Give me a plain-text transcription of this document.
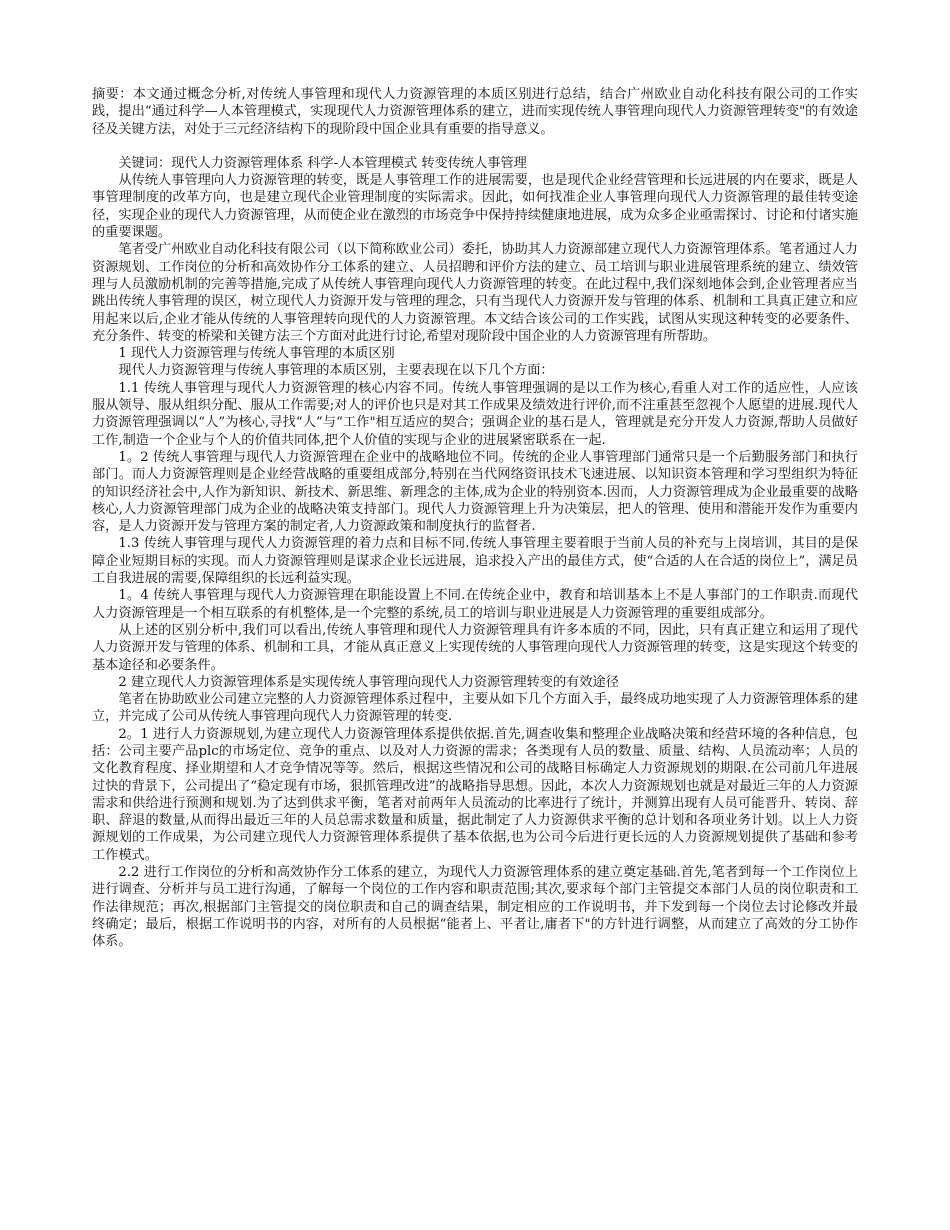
摘要：本文通过概念分析,对传统人事管理和现代人力资源管理的本质区别进行总结，结合广州欧业自动化科技有限公司的工作实践，提出“通过科学—人本管理模式，实现现代人力资源管理体系的建立，进而实现传统人事管理向现代人力资源管理转变"的有效途径及关键方法，对处于三元经济结构下的现阶段中国企业具有重要的指导意义。

关键词：现代人力资源管理体系 科学-人本管理模式 转变传统人事管理

从传统人事管理向人力资源管理的转变，既是人事管理工作的进展需要，也是现代企业经营管理和长远进展的内在要求，既是人事管理制度的改革方向，也是建立现代企业管理制度的实际需求。因此，如何找准企业人事管理向现代人力资源管理的最佳转变途径，实现企业的现代人力资源管理，从而使企业在激烈的市场竞争中保持持续健康地进展，成为众多企业亟需探讨、讨论和付诸实施的重要课题。

笔者受广州欧业自动化科技有限公司（以下简称欧业公司）委托，协助其人力资源部建立现代人力资源管理体系。笔者通过人力资源规划、工作岗位的分析和高效协作分工体系的建立、人员招聘和评价方法的建立、员工培训与职业进展管理系统的建立、绩效管理与人员激励机制的完善等措施,完成了从传统人事管理向现代人力资源管理的转变。在此过程中,我们深刻地体会到,企业管理者应当跳出传统人事管理的误区，树立现代人力资源开发与管理的理念，只有当现代人力资源开发与管理的体系、机制和工具真正建立和应用起来以后,企业才能从传统的人事管理转向现代的人力资源管理。本文结合该公司的工作实践，试图从实现这种转变的必要条件、充分条件、转变的桥梁和关键方法三个方面对此进行讨论,希望对现阶段中国企业的人力资源管理有所帮助。

1 现代人力资源管理与传统人事管理的本质区别

现代人力资源管理与传统人事管理的本质区别，主要表现在以下几个方面：

1.1 传统人事管理与现代人力资源管理的核心内容不同。传统人事管理强调的是以工作为核心,看重人对工作的适应性，人应该服从领导、服从组织分配、服从工作需要;对人的评价也只是对其工作成果及绩效进行评价,而不注重甚至忽视个人愿望的进展.现代人力资源管理强调以“人”为核心,寻找“人”与“工作"相互适应的契合；强调企业的基石是人，管理就是充分开发人力资源,帮助人员做好工作,制造一个企业与个人的价值共同体,把个人价值的实现与企业的进展紧密联系在一起.

1。2 传统人事管理与现代人力资源管理在企业中的战略地位不同。传统的企业人事管理部门通常只是一个后勤服务部门和执行部门。而人力资源管理则是企业经营战略的重要组成部分,特别在当代网络资讯技术飞速进展、以知识资本管理和学习型组织为特征的知识经济社会中,人作为新知识、新技术、新思维、新理念的主体,成为企业的特别资本.因而，人力资源管理成为企业最重要的战略核心,人力资源管理部门成为企业的战略决策支持部门。现代人力资源管理上升为决策层，把人的管理、使用和潜能开发作为重要内容，是人力资源开发与管理方案的制定者,人力资源政策和制度执行的监督者.

1.3 传统人事管理与现代人力资源管理的着力点和目标不同.传统人事管理主要着眼于当前人员的补充与上岗培训，其目的是保障企业短期目标的实现。而人力资源管理则是谋求企业长远进展，追求投入产出的最佳方式，使“合适的人在合适的岗位上”，满足员工自我进展的需要,保障组织的长远利益实现。

1。4 传统人事管理与现代人力资源管理在职能设置上不同.在传统企业中，教育和培训基本上不是人事部门的工作职责.而现代人力资源管理是一个相互联系的有机整体,是一个完整的系统,员工的培训与职业进展是人力资源管理的重要组成部分。

从上述的区别分析中,我们可以看出,传统人事管理和现代人力资源管理具有许多本质的不同，因此，只有真正建立和运用了现代人力资源开发与管理的体系、机制和工具，才能从真正意义上实现传统的人事管理向现代人力资源管理的转变，这是实现这个转变的基本途径和必要条件。

2 建立现代人力资源管理体系是实现传统人事管理向现代人力资源管理转变的有效途径

笔者在协助欧业公司建立完整的人力资源管理体系过程中，主要从如下几个方面入手，最终成功地实现了人力资源管理体系的建立，并完成了公司从传统人事管理向现代人力资源管理的转变.

2。1 进行人力资源规划,为建立现代人力资源管理体系提供依据.首先,调查收集和整理企业战略决策和经营环境的各种信息，包括：公司主要产品plc的市场定位、竞争的重点、以及对人力资源的需求；各类现有人员的数量、质量、结构、人员流动率；人员的文化教育程度、择业期望和人才竞争情况等等。然后，根据这些情况和公司的战略目标确定人力资源规划的期限.在公司前几年进展过快的背景下，公司提出了“稳定现有市场，狠抓管理改进”的战略指导思想。因此，本次人力资源规划也就是对最近三年的人力资源需求和供给进行预测和规划.为了达到供求平衡，笔者对前两年人员流动的比率进行了统计，并测算出现有人员可能晋升、转岗、辞职、辞退的数量,从而得出最近三年的人员总需求数量和质量，据此制定了人力资源供求平衡的总计划和各项业务计划。以上人力资源规划的工作成果，为公司建立现代人力资源管理体系提供了基本依据,也为公司今后进行更长远的人力资源规划提供了基础和参考工作模式。

2.2 进行工作岗位的分析和高效协作分工体系的建立，为现代人力资源管理体系的建立奠定基础.首先,笔者到每一个工作岗位上进行调查、分析并与员工进行沟通，了解每一个岗位的工作内容和职责范围;其次,要求每个部门主管提交本部门人员的岗位职责和工作法律规范；再次,根据部门主管提交的岗位职责和自己的调查结果，制定相应的工作说明书，并下发到每一个岗位去讨论修改并最终确定；最后，根据工作说明书的内容，对所有的人员根据“能者上、平者让,庸者下"的方针进行调整，从而建立了高效的分工协作体系。
